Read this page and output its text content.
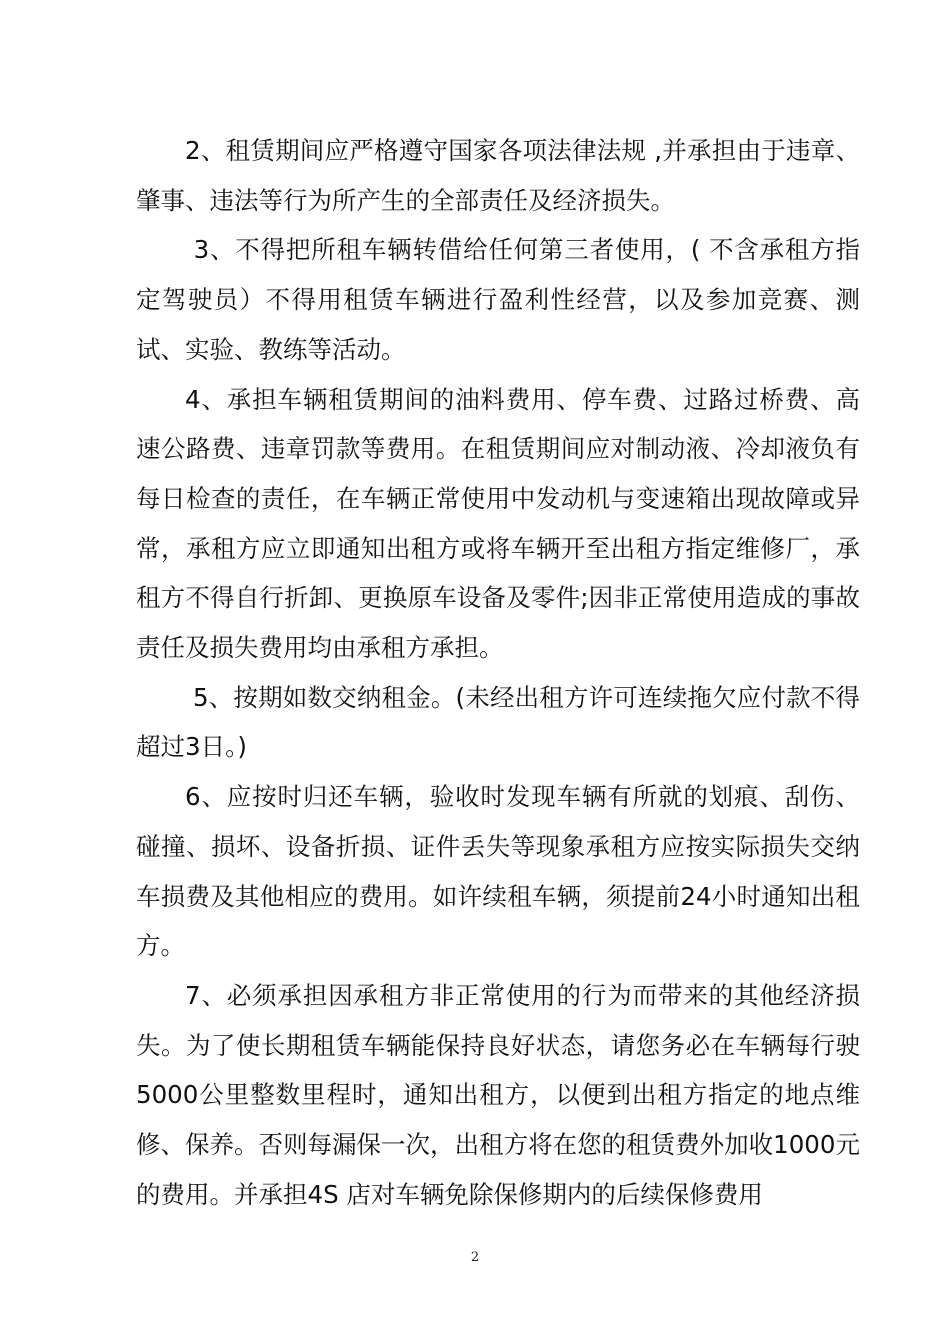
2、租赁期间应严格遵守国家各项法律法规 ,并承担由于违章、肇事、违法等行为所产生的全部责任及经济损失。

3、不得把所租车辆转借给任何第三者使用，( 不含承租方指定驾驶员）不得用租赁车辆进行盈利性经营，以及参加竞赛、测试、实验、教练等活动。

4、承担车辆租赁期间的油料费用、停车费、过路过桥费、高速公路费、违章罚款等费用。在租赁期间应对制动液、冷却液负有每日检查的责任，在车辆正常使用中发动机与变速箱出现故障或异常，承租方应立即通知出租方或将车辆开至出租方指定维修厂，承租方不得自行折卸、更换原车设备及零件;因非正常使用造成的事故责任及损失费用均由承租方承担。

5、按期如数交纳租金。(未经出租方许可连续拖欠应付款不得超过3日。)

6、应按时归还车辆，验收时发现车辆有所就的划痕、刮伤、碰撞、损坏、设备折损、证件丢失等现象承租方应按实际损失交纳车损费及其他相应的费用。如许续租车辆，须提前24小时通知出租方。

7、必须承担因承租方非正常使用的行为而带来的其他经济损失。为了使长期租赁车辆能保持良好状态，请您务必在车辆每行驶5000公里整数里程时，通知出租方，以便到出租方指定的地点维修、保养。否则每漏保一次，出租方将在您的租赁费外加收1000元的费用。并承担4S 店对车辆免除保修期内的后续保修费用

2
